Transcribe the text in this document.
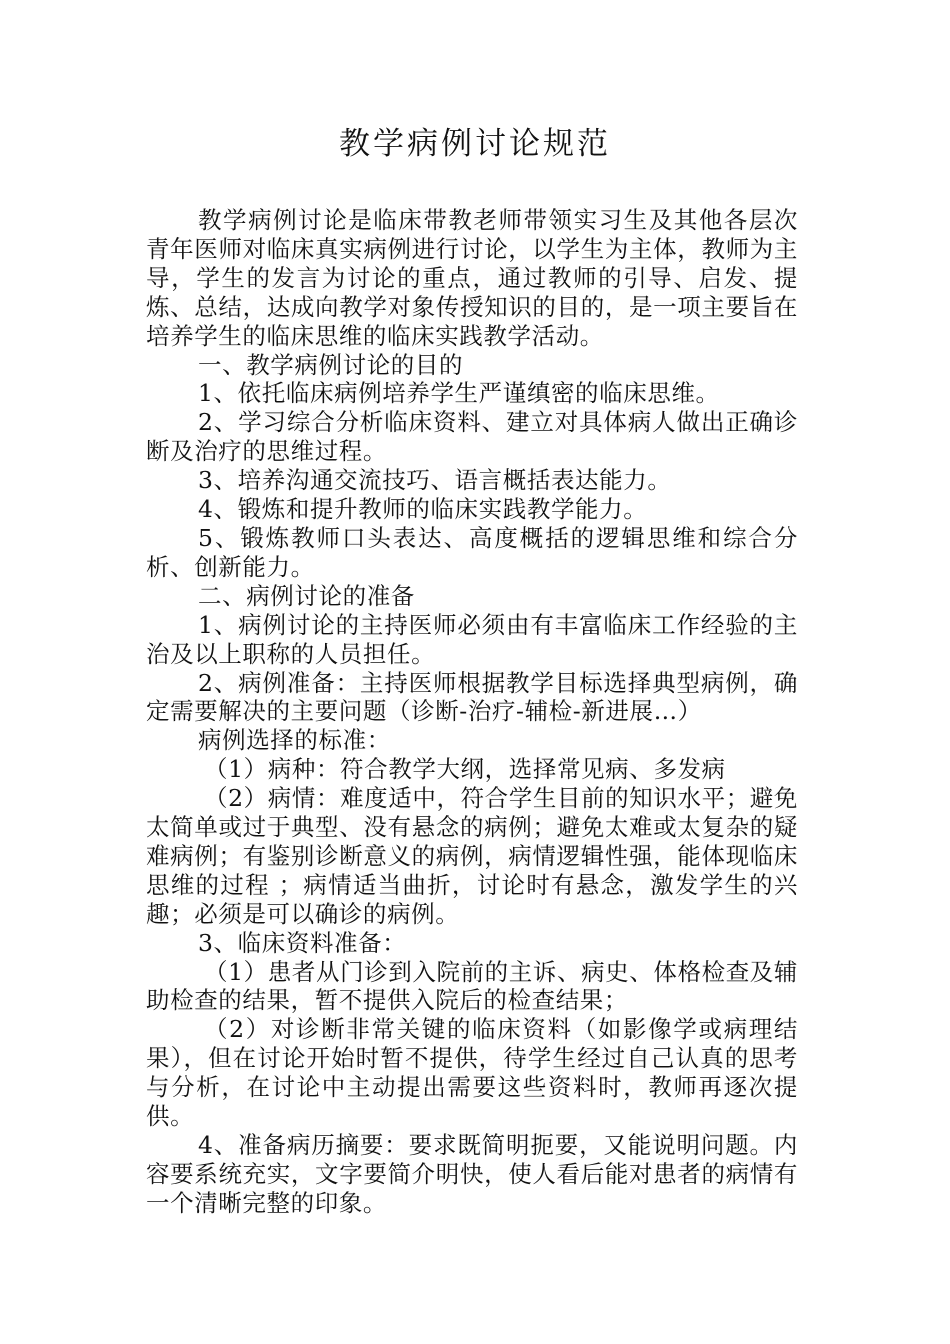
教学病例讨论规范

教学病例讨论是临床带教老师带领实习生及其他各层次青年医师对临床真实病例进行讨论，以学生为主体，教师为主导，学生的发言为讨论的重点，通过教师的引导、启发、提炼、总结，达成向教学对象传授知识的目的，是一项主要旨在培养学生的临床思维的临床实践教学活动。

一、教学病例讨论的目的

1、依托临床病例培养学生严谨缜密的临床思维。

2、学习综合分析临床资料、建立对具体病人做出正确诊断及治疗的思维过程。

3、培养沟通交流技巧、语言概括表达能力。

4、锻炼和提升教师的临床实践教学能力。

5、锻炼教师口头表达、高度概括的逻辑思维和综合分析、创新能力。

二、病例讨论的准备

1、病例讨论的主持医师必须由有丰富临床工作经验的主治及以上职称的人员担任。

2、病例准备：主持医师根据教学目标选择典型病例，确定需要解决的主要问题（诊断-治疗-辅检-新进展…）

病例选择的标准：

（1）病种：符合教学大纲，选择常见病、多发病

（2）病情：难度适中，符合学生目前的知识水平；避免太简单或过于典型、没有悬念的病例；避免太难或太复杂的疑难病例；有鉴别诊断意义的病例，病情逻辑性强，能体现临床思维的过程 ；病情适当曲折，讨论时有悬念，激发学生的兴趣；必须是可以确诊的病例。

3、临床资料准备：

（1）患者从门诊到入院前的主诉、病史、体格检查及辅助检查的结果，暂不提供入院后的检查结果；

（2）对诊断非常关键的临床资料（如影像学或病理结果），但在讨论开始时暂不提供，待学生经过自己认真的思考与分析，在讨论中主动提出需要这些资料时，教师再逐次提供。

4、准备病历摘要：要求既简明扼要，又能说明问题。内容要系统充实，文字要简介明快，使人看后能对患者的病情有一个清晰完整的印象。
